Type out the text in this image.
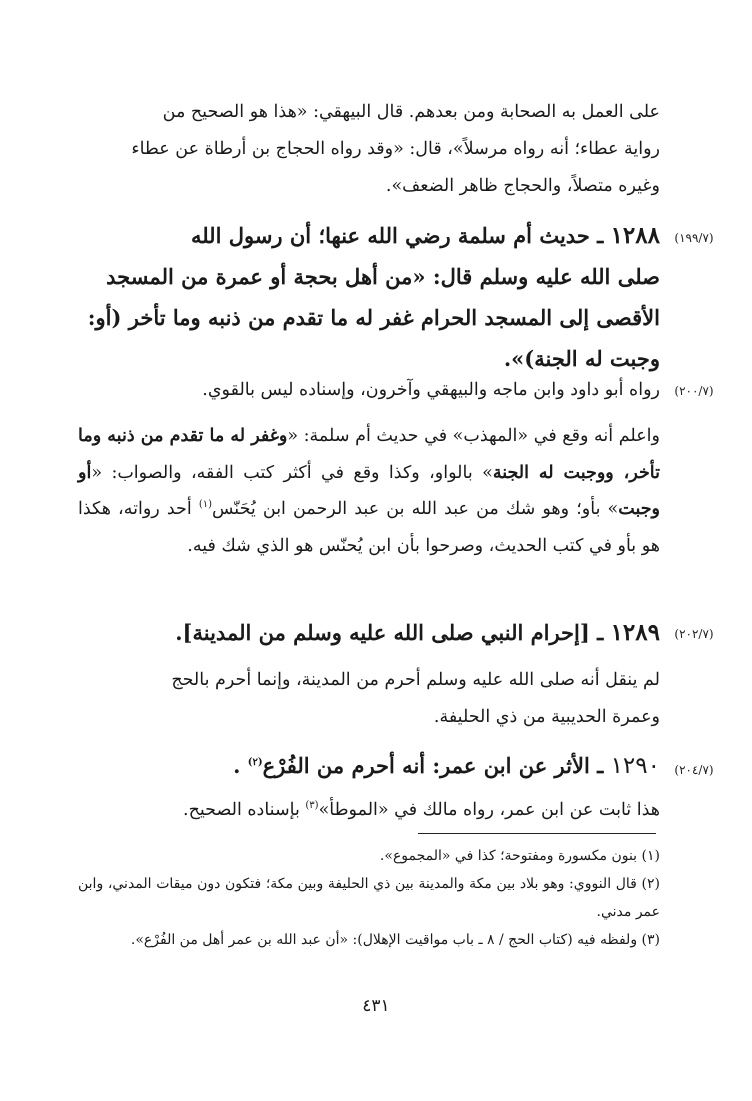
على العمل به الصحابة ومن بعدهم. قال البيهقي: «هذا هو الصحيح من
رواية عطاء؛ أنه رواه مرسلاً»، قال: «وقد رواه الحجاج بن أرطاة عن عطاء
وغيره متصلاً، والحجاج ظاهر الضعف».
(١٩٩/٧)
١٢٨٨ ـ حديث أم سلمة رضي الله عنها؛ أن رسول الله
صلى الله عليه وسلم قال: «من أهل بحجة أو عمرة من المسجد
الأقصى إلى المسجد الحرام غفر له ما تقدم من ذنبه وما تأخر (أو:
وجبت له الجنة)».
(٢٠٠/٧)
رواه أبو داود وابن ماجه والبيهقي وآخرون، وإسناده ليس بالقوي.
واعلم أنه وقع في «المهذب» في حديث أم سلمة: «وغفر له ما تقدم من ذنبه وما تأخر، ووجبت له الجنة» بالواو، وكذا وقع في أكثر كتب الفقه، والصواب: «أو وجبت» بأو؛ وهو شك من عبد الله بن عبد الرحمن ابن يُحَنّس$^{(١)}$ أحد رواته، هكذا هو بأو في كتب الحديث، وصرحوا بأن ابن يُحنّس هو الذي شك فيه.
(٢٠٢/٧)
١٢٨٩ ـ [إحرام النبي صلى الله عليه وسلم من المدينة].
لم ينقل أنه صلى الله عليه وسلم أحرم من المدينة، وإنما أحرم بالحج
وعمرة الحديبية من ذي الحليفة.
(٢٠٤/٧)
١٢٩٠ ـ الأثر عن ابن عمر: أنه أحرم من الفُرْع$^{(٢)}$ .
هذا ثابت عن ابن عمر، رواه مالك في «الموطأ»$^{(٣)}$ بإسناده الصحيح.
(١) بنون مكسورة ومفتوحة؛ كذا في «المجموع».
(٢) قال النووي: وهو بلاد بين مكة والمدينة بين ذي الحليفة وبين مكة؛ فتكون دون ميقات المدني، وابن عمر مدني.
(٣) ولفظه فيه (كتاب الحج / ٨ ـ باب مواقيت الإهلال): «أن عبد الله بن عمر أهل من الفُرْع».
٤٣١
